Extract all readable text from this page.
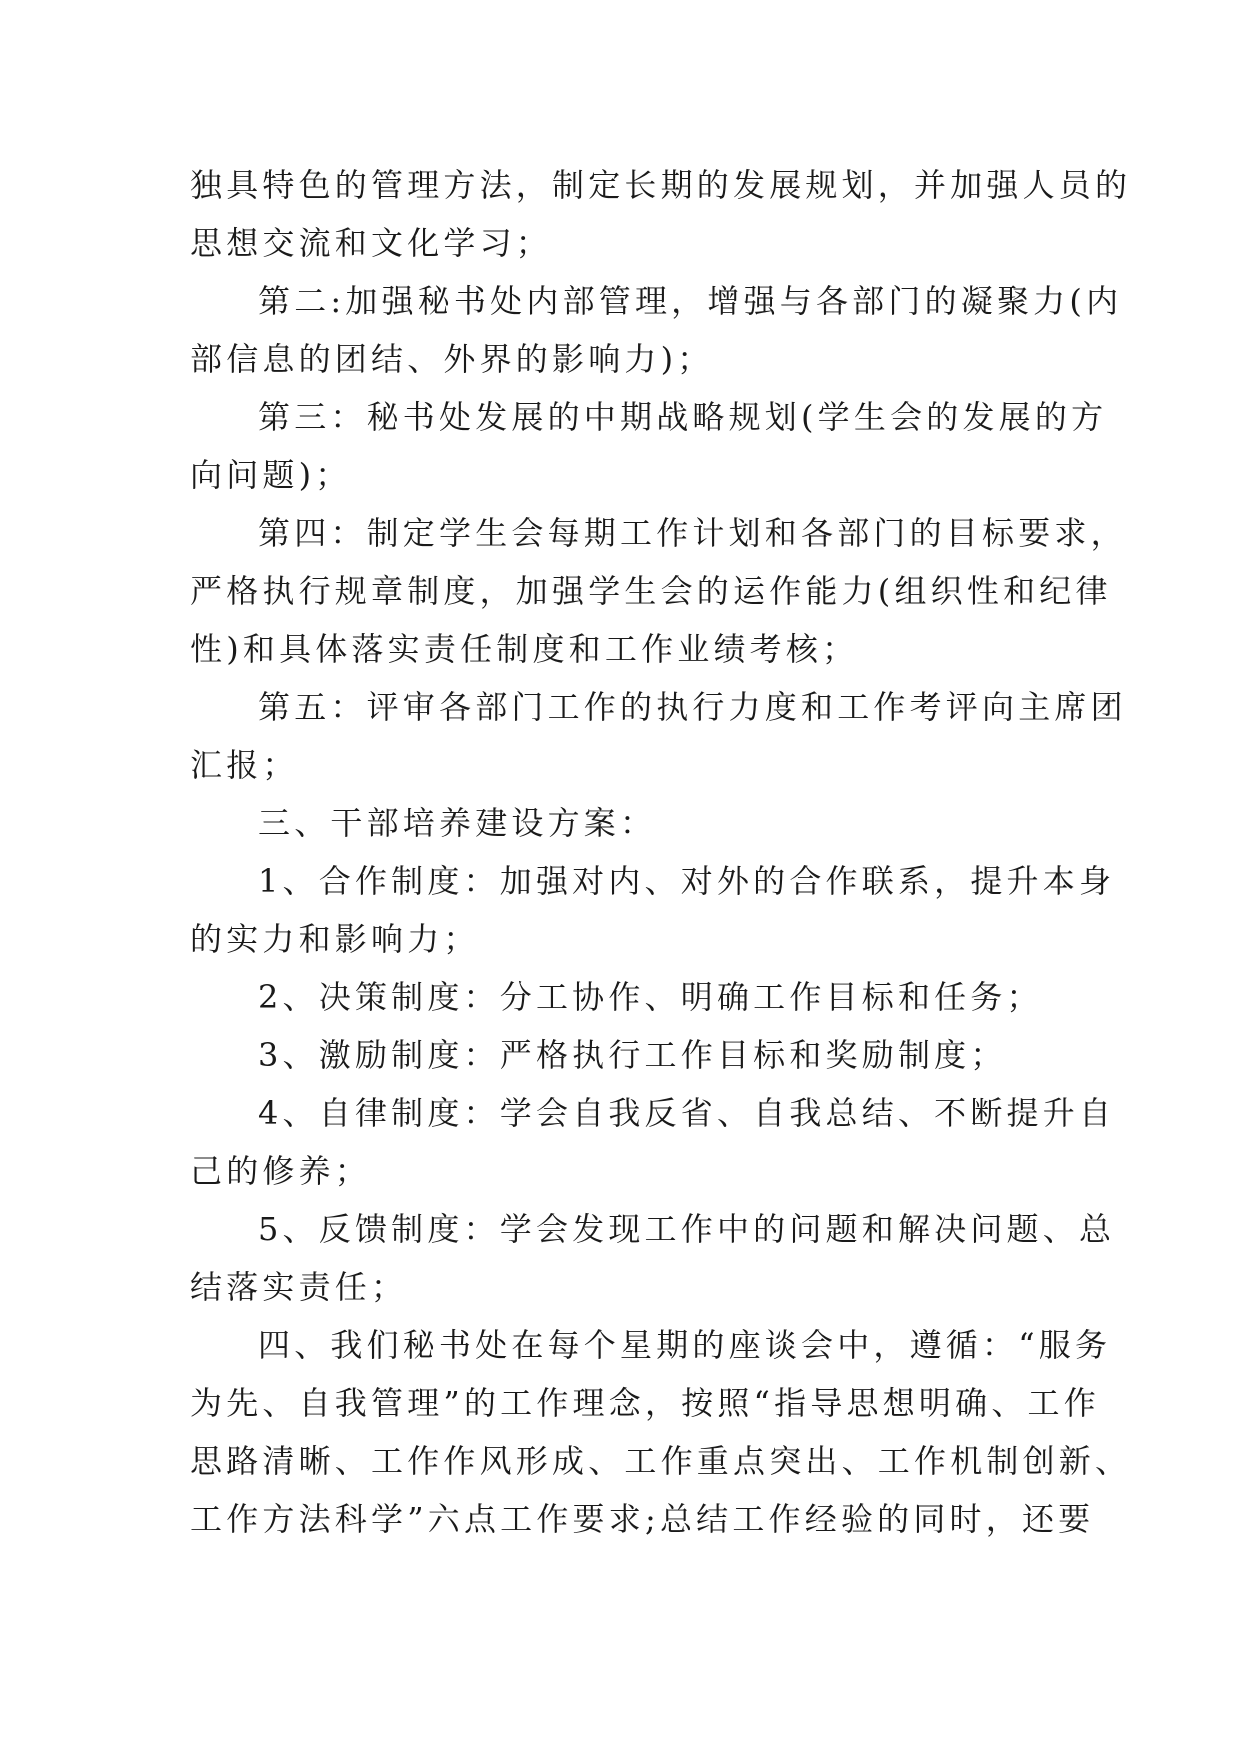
独具特色的管理方法，制定长期的发展规划，并加强人员的
思想交流和文化学习；
第二:加强秘书处内部管理，增强与各部门的凝聚力(内
部信息的团结、外界的影响力)；
第三：秘书处发展的中期战略规划(学生会的发展的方
向问题)；
第四：制定学生会每期工作计划和各部门的目标要求，
严格执行规章制度，加强学生会的运作能力(组织性和纪律
性)和具体落实责任制度和工作业绩考核；
第五：评审各部门工作的执行力度和工作考评向主席团
汇报；
三、干部培养建设方案：
1、合作制度：加强对内、对外的合作联系，提升本身
的实力和影响力；
2、决策制度：分工协作、明确工作目标和任务；
3、激励制度：严格执行工作目标和奖励制度；
4、自律制度：学会自我反省、自我总结、不断提升自
己的修养；
5、反馈制度：学会发现工作中的问题和解决问题、总
结落实责任；
四、我们秘书处在每个星期的座谈会中，遵循：“服务
为先、自我管理”的工作理念，按照“指导思想明确、工作
思路清晰、工作作风形成、工作重点突出、工作机制创新、
工作方法科学”六点工作要求;总结工作经验的同时，还要
